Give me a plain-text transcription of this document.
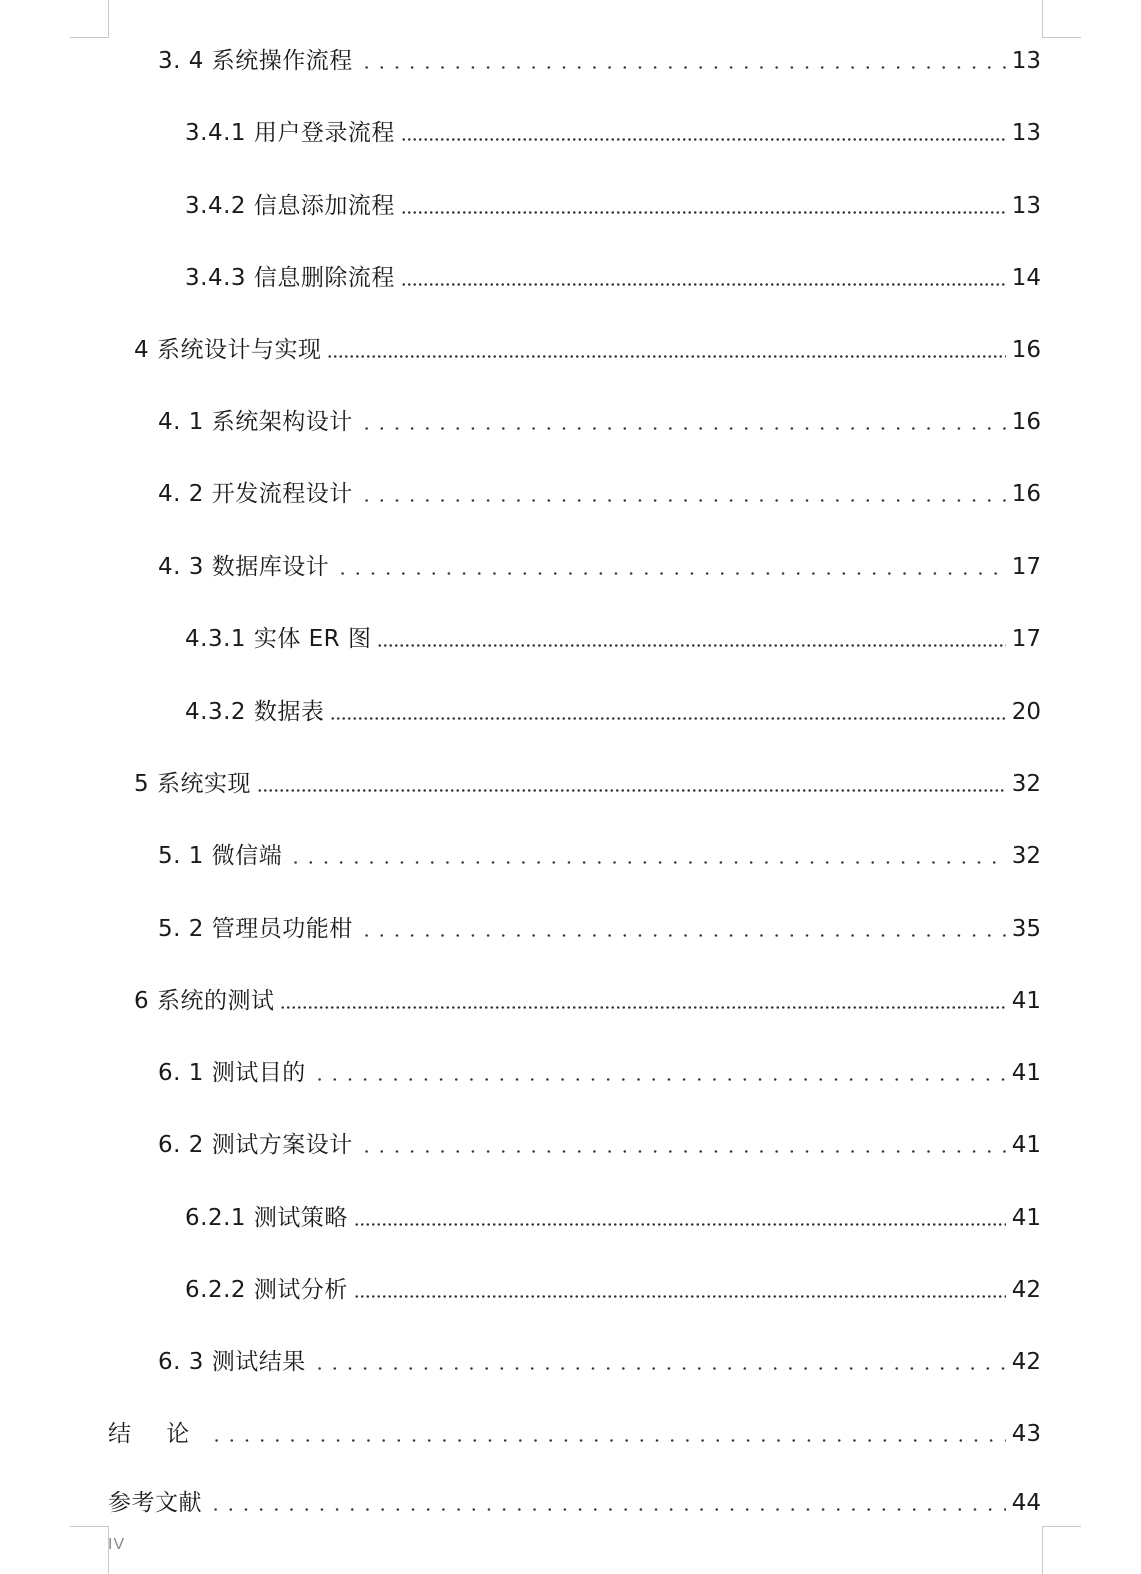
3. 4 系统操作流程	13
3.4.1 用户登录流程	13
3.4.2 信息添加流程	13
3.4.3 信息删除流程	14
4 系统设计与实现	16
4. 1 系统架构设计	16
4. 2 开发流程设计	16
4. 3 数据库设计	17
4.3.1 实体 ER 图	17
4.3.2 数据表	20
5 系统实现	32
5. 1 微信端	32
5. 2 管理员功能柑	35
6 系统的测试	41
6. 1 测试目的	41
6. 2 测试方案设计	41
6.2.1 测试策略	41
6.2.2 测试分析	42
6. 3 测试结果	42
结 论	43
参考文献	44
IV
